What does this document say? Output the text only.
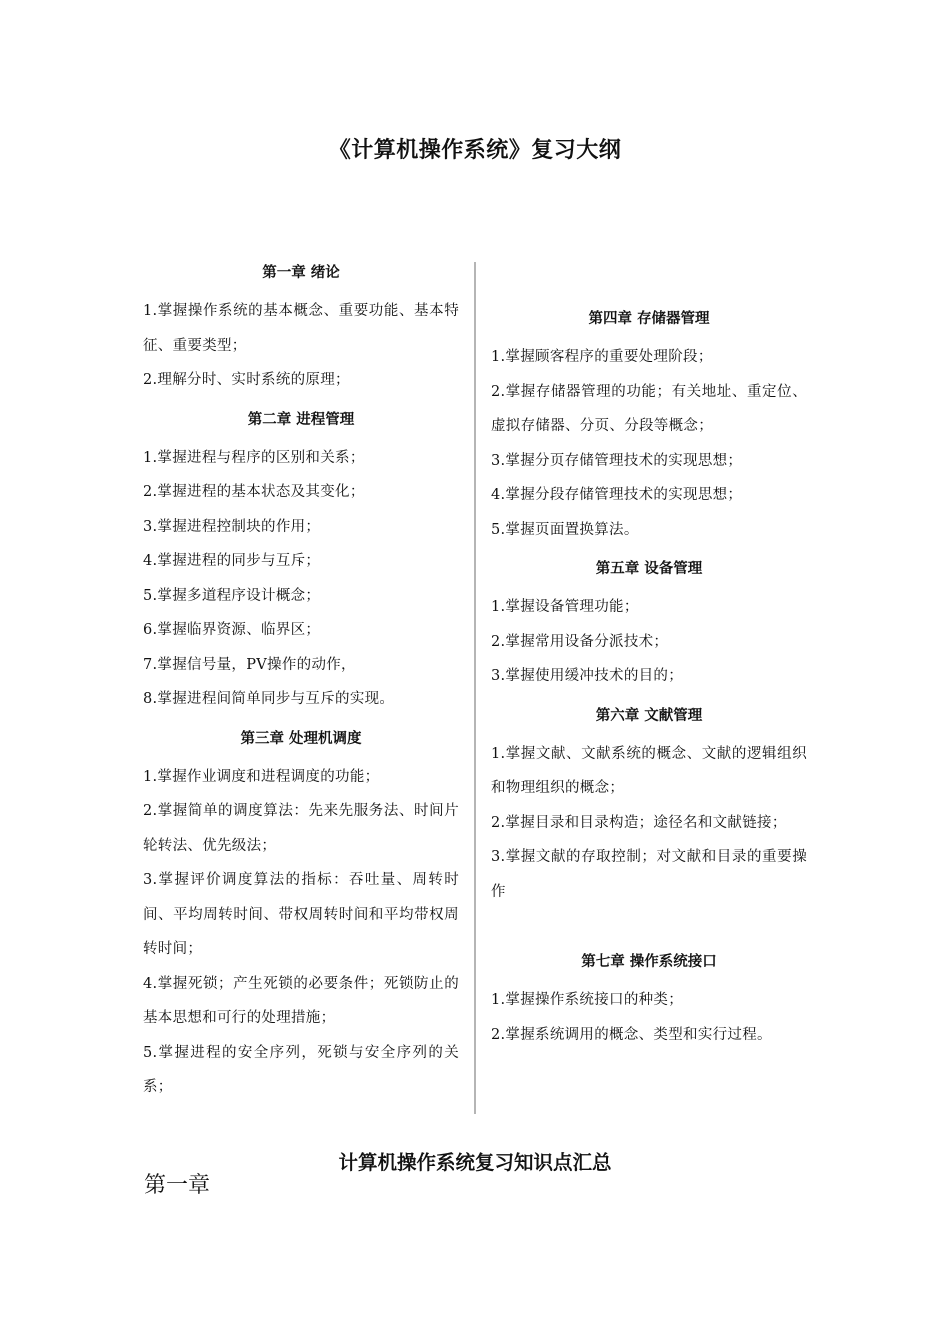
《计算机操作系统》复习大纲
第一章 绪论

1.掌握操作系统的基本概念、重要功能、基本特征、重要类型；

2.理解分时、实时系统的原理；

第二章 进程管理

1.掌握进程与程序的区别和关系；

2.掌握进程的基本状态及其变化；

3.掌握进程控制块的作用；

4.掌握进程的同步与互斥；

5.掌握多道程序设计概念；

6.掌握临界资源、临界区；

7.掌握信号量，PV操作的动作，

8.掌握进程间简单同步与互斥的实现。

第三章 处理机调度

1.掌握作业调度和进程调度的功能；

2.掌握简单的调度算法：先来先服务法、时间片轮转法、优先级法；

3.掌握评价调度算法的指标：吞吐量、周转时间、平均周转时间、带权周转时间和平均带权周转时间；

4.掌握死锁；产生死锁的必要条件；死锁防止的基本思想和可行的处理措施；

5.掌握进程的安全序列，死锁与安全序列的关系；

第四章 存储器管理

1.掌握顾客程序的重要处理阶段；

2.掌握存储器管理的功能；有关地址、重定位、虚拟存储器、分页、分段等概念；

3.掌握分页存储管理技术的实现思想；

4.掌握分段存储管理技术的实现思想；

5.掌握页面置换算法。

第五章 设备管理

1.掌握设备管理功能；

2.掌握常用设备分派技术；

3.掌握使用缓冲技术的目的；

第六章 文献管理

1.掌握文献、文献系统的概念、文献的逻辑组织和物理组织的概念；

2.掌握目录和目录构造；途径名和文献链接；

3.掌握文献的存取控制；对文献和目录的重要操作

第七章 操作系统接口

1.掌握操作系统接口的种类；

2.掌握系统调用的概念、类型和实行过程。

计算机操作系统复习知识点汇总
第一章
